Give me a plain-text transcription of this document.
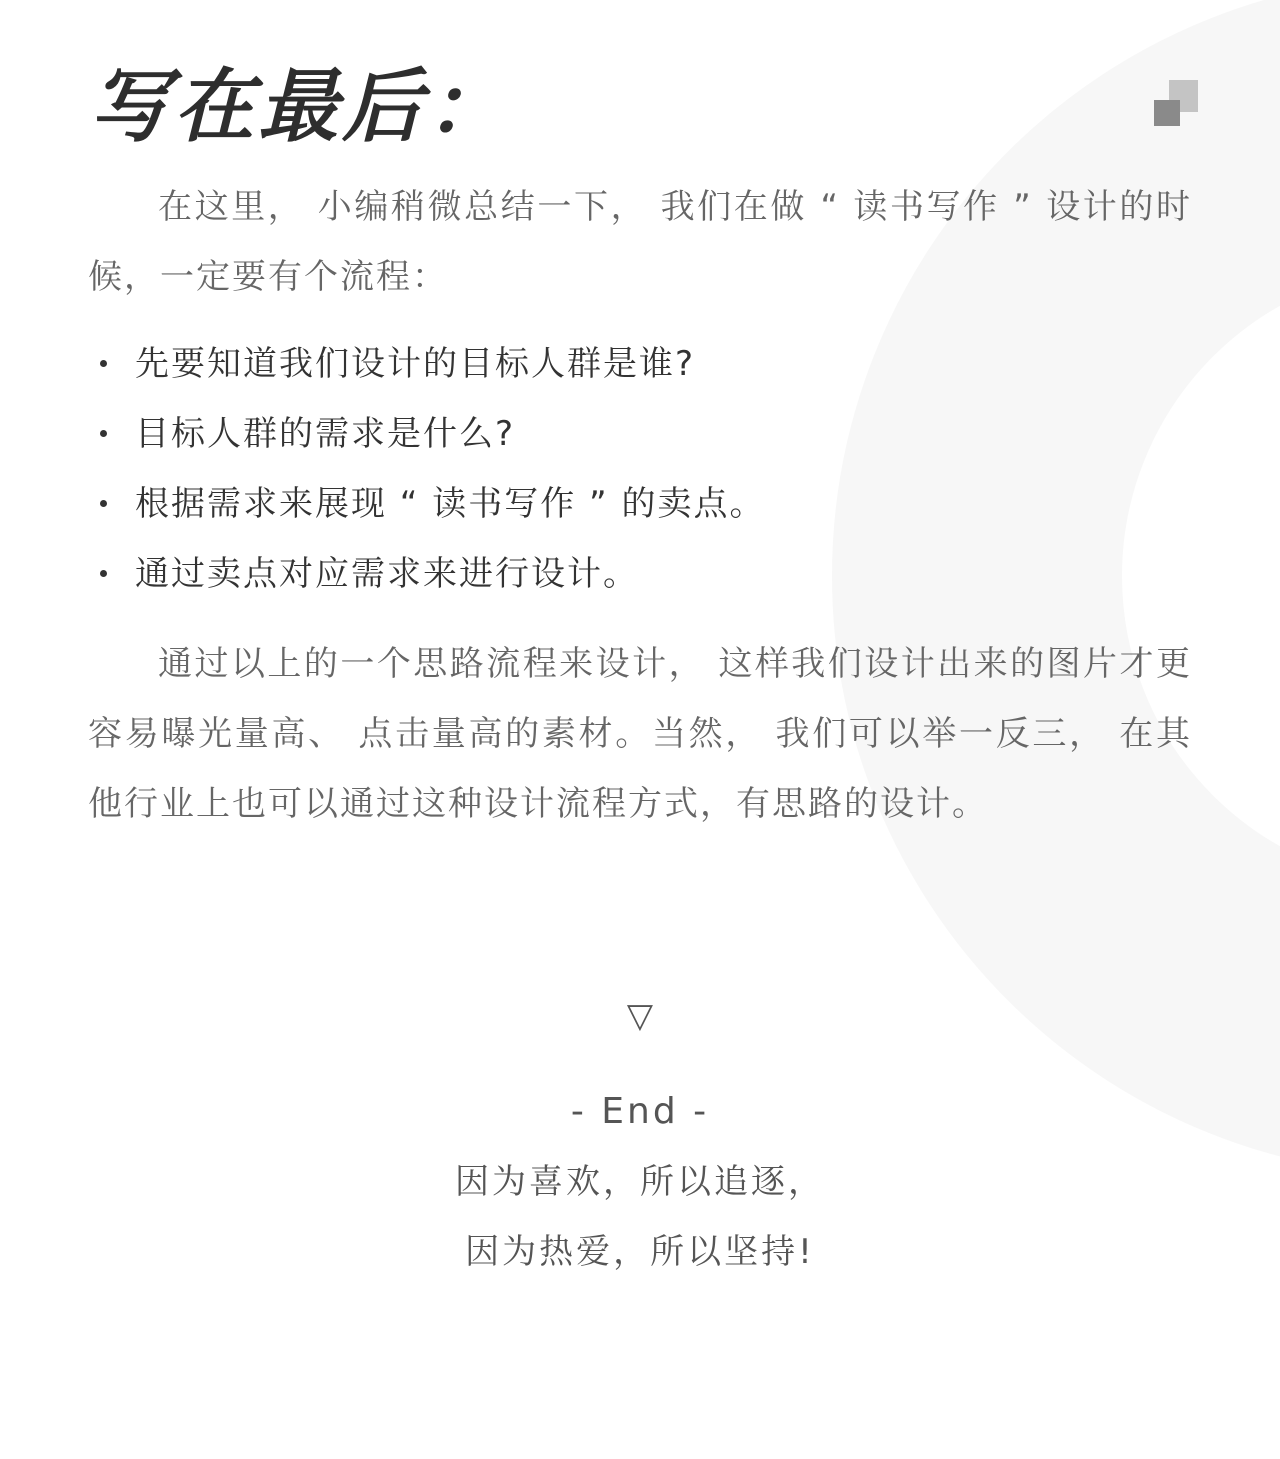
写在最后：

在这里， 小编稍微总结一下， 我们在做 “ 读书写作 ” 设计的时候，一定要有个流程：

先要知道我们设计的目标人群是谁?
目标人群的需求是什么?
根据需求来展现 “ 读书写作 ” 的卖点。
通过卖点对应需求来进行设计。

通过以上的一个思路流程来设计， 这样我们设计出来的图片才更容易曝光量高、 点击量高的素材。当然， 我们可以举一反三， 在其他行业上也可以通过这种设计流程方式，有思路的设计。

▽
- End -
因为喜欢，所以追逐，
因为热爱，所以坚持!
